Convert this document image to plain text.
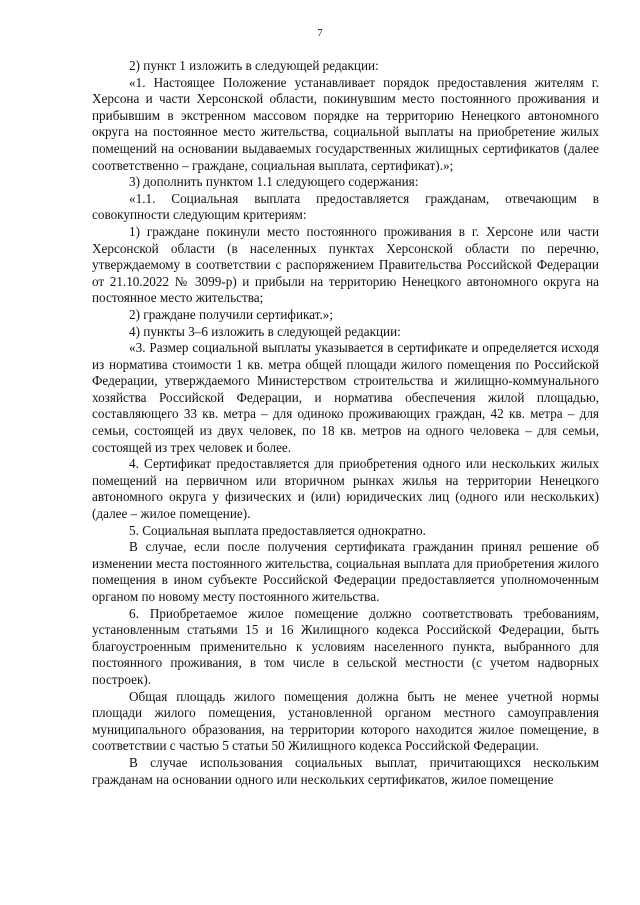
7

2) пункт 1 изложить в следующей редакции:

«1. Настоящее Положение устанавливает порядок предоставления жителям г. Херсона и части Херсонской области, покинувшим место постоянного проживания и прибывшим в экстренном массовом порядке на территорию Ненецкого автономного округа на постоянное место жительства, социальной выплаты на приобретение жилых помещений на основании выдаваемых государственных жилищных сертификатов (далее соответственно – граждане, социальная выплата, сертификат).»;

3) дополнить пунктом 1.1 следующего содержания:

«1.1. Социальная выплата предоставляется гражданам, отвечающим в совокупности следующим критериям:

1) граждане покинули место постоянного проживания в г. Херсоне или части Херсонской области (в населенных пунктах Херсонской области по перечню, утверждаемому в соответствии с распоряжением Правительства Российской Федерации от 21.10.2022 № 3099-р) и прибыли на территорию Ненецкого автономного округа на постоянное место жительства;

2) граждане получили сертификат.»;

4) пункты 3–6 изложить в следующей редакции:

«3. Размер социальной выплаты указывается в сертификате и определяется исходя из норматива стоимости 1 кв. метра общей площади жилого помещения по Российской Федерации, утверждаемого Министерством строительства и жилищно-коммунального хозяйства Российской Федерации, и норматива обеспечения жилой площадью, составляющего 33 кв. метра – для одиноко проживающих граждан, 42 кв. метра – для семьи, состоящей из двух человек, по 18 кв. метров на одного человека – для семьи, состоящей из трех человек и более.

4. Сертификат предоставляется для приобретения одного или нескольких жилых помещений на первичном или вторичном рынках жилья на территории Ненецкого автономного округа у физических и (или) юридических лиц (одного или нескольких) (далее – жилое помещение).

5. Социальная выплата предоставляется однократно.

В случае, если после получения сертификата гражданин принял решение об изменении места постоянного жительства, социальная выплата для приобретения жилого помещения в ином субъекте Российской Федерации предоставляется уполномоченным органом по новому месту постоянного жительства.

6. Приобретаемое жилое помещение должно соответствовать требованиям, установленным статьями 15 и 16 Жилищного кодекса Российской Федерации, быть благоустроенным применительно к условиям населенного пункта, выбранного для постоянного проживания, в том числе в сельской местности (с учетом надворных построек).

Общая площадь жилого помещения должна быть не менее учетной нормы площади жилого помещения, установленной органом местного самоуправления муниципального образования, на территории которого находится жилое помещение, в соответствии с частью 5 статьи 50 Жилищного кодекса Российской Федерации.

В случае использования социальных выплат, причитающихся нескольким гражданам на основании одного или нескольких сертификатов, жилое помещение
